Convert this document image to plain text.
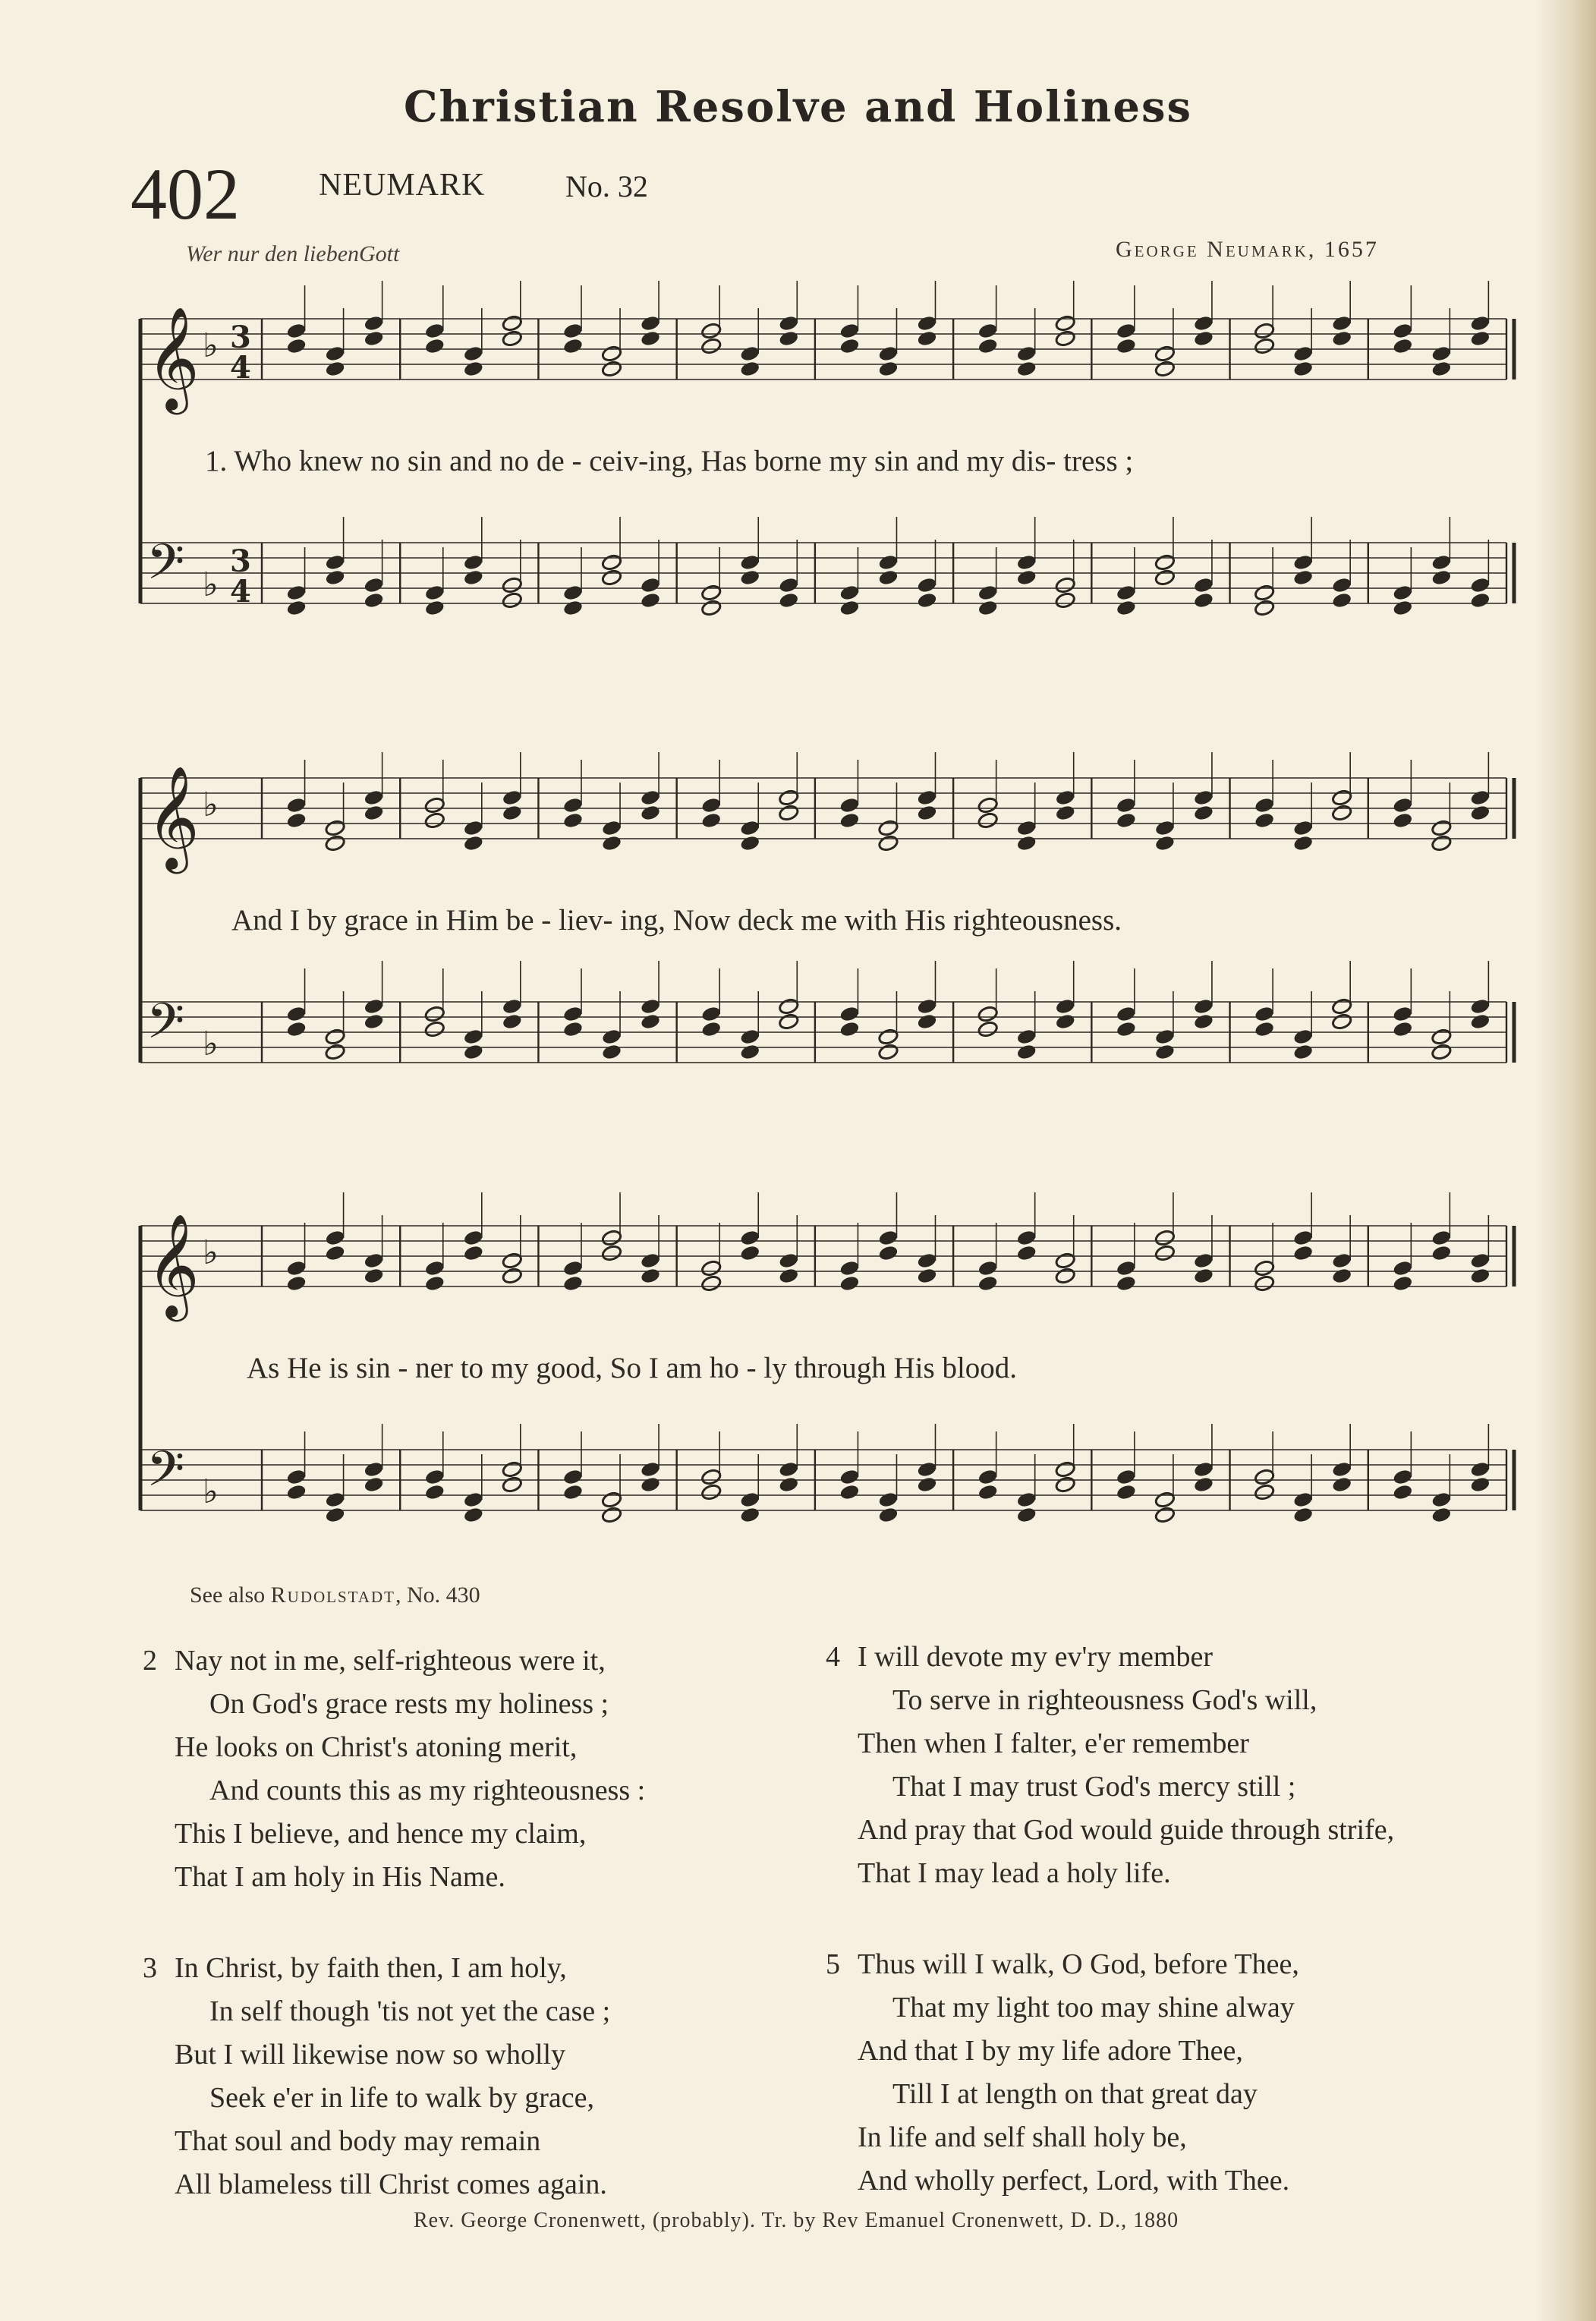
Christian Resolve and Holiness
402 NEUMARK	No. 32
Wer nur den liebenGott	George Neumark, 1657
𝄞 ♭ 3
4
𝄢 ♭
3
4
1. Who knew no sin and no de - ceiv-ing, Has borne my sin and my dis- tress ;
𝄞 ♭
𝄢 ♭
And I by grace in Him be - liev- ing, Now deck me with His righteousness.
𝄞 ♭
𝄢 ♭
As He is sin - ner to my good, So I am ho - ly through His blood.
See also Rudolstadt, No. 430
2 Nay not in me, self-righteous were it,
On God's grace rests my holiness ;
He looks on Christ's atoning merit,
And counts this as my righteousness :
This I believe, and hence my claim,
That I am holy in His Name.
4 I will devote my ev'ry member
To serve in righteousness God's will,
Then when I falter, e'er remember
That I may trust God's mercy still ;
And pray that God would guide through strife,
That I may lead a holy life.
3 In Christ, by faith then, I am holy,
In self though 'tis not yet the case ;
But I will likewise now so wholly
Seek e'er in life to walk by grace,
That soul and body may remain
All blameless till Christ comes again.
5 Thus will I walk, O God, before Thee,
That my light too may shine alway
And that I by my life adore Thee,
Till I at length on that great day
In life and self shall holy be,
And wholly perfect, Lord, with Thee.
Rev. George Cronenwett, (probably). Tr. by Rev Emanuel Cronenwett, D. D., 1880
